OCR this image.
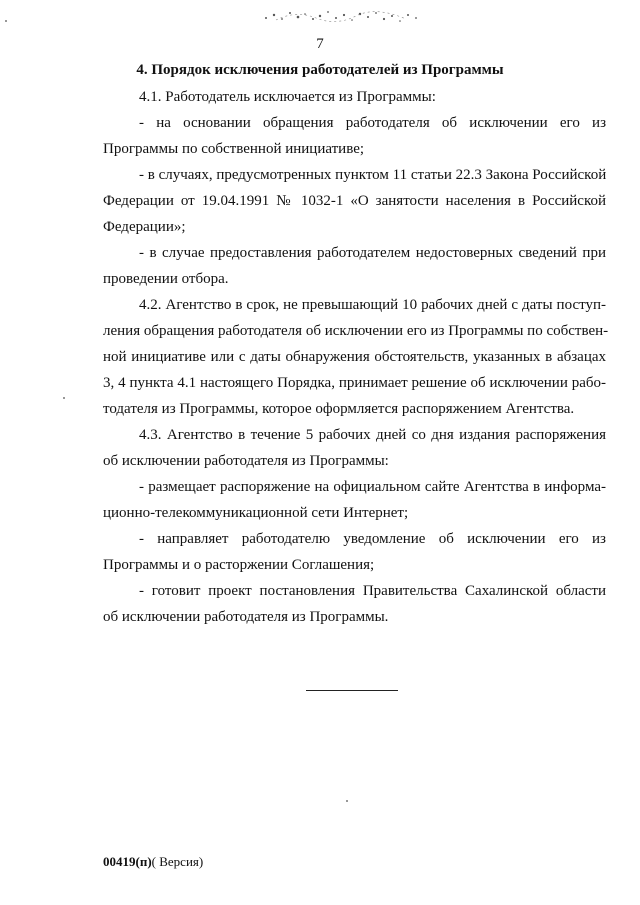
7
4. Порядок исключения работодателей из Программы

4.1. Работодатель исключается из Программы:

- на основании обращения работодателя об исключении его из
Программы по собственной инициативе;

- в случаях, предусмотренных пунктом 11 статьи 22.3 Закона Российской
Федерации от 19.04.1991 № 1032-1 «О занятости населения в Российской
Федерации»;

- в случае предоставления работодателем недостоверных сведений при
проведении отбора.

4.2. Агентство в срок, не превышающий 10 рабочих дней с даты поступ-
ления обращения работодателя об исключении его из Программы по собствен-
ной инициативе или с даты обнаружения обстоятельств, указанных в абзацах
3, 4 пункта 4.1 настоящего Порядка, принимает решение об исключении рабо-
тодателя из Программы, которое оформляется распоряжением Агентства.

4.3. Агентство в течение 5 рабочих дней со дня издания распоряжения
об исключении работодателя из Программы:

- размещает распоряжение на официальном сайте Агентства в информа-
ционно-телекоммуникационной сети Интернет;

- направляет работодателю уведомление об исключении его из
Программы и о расторжении Соглашения;

- готовит проект постановления Правительства Сахалинской области
об исключении работодателя из Программы.

00419(п)( Версия)
